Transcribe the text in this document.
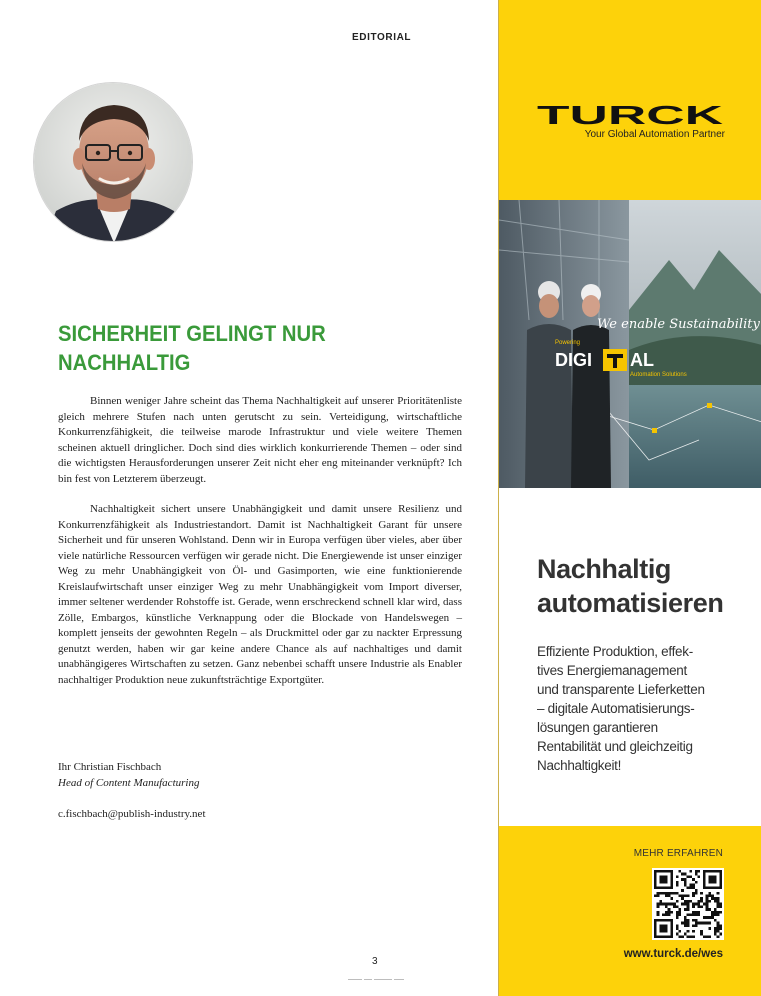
EDITORIAL
SICHERHEIT GELINGT NUR
NACHHALTIG

Binnen weniger Jahre scheint das Thema Nachhaltigkeit auf unserer Prioritätenliste gleich mehrere Stufen nach unten gerutscht zu sein. Verteidigung, wirtschaftliche Konkurrenzfähigkeit, die teilweise marode Infrastruktur und viele weitere Themen scheinen aktuell dringlicher. Doch sind dies wirklich konkurrierende Themen – oder sind die wichtigsten Herausforderungen unserer Zeit nicht eher eng miteinander verknüpft? Ich bin fest von Letzterem überzeugt.

Nachhaltigkeit sichert unsere Unabhängigkeit und damit unsere Resilienz und Konkurrenzfähigkeit als Industriestandort. Damit ist Nachhaltigkeit Garant für unsere Sicherheit und für unseren Wohlstand. Denn wir in Europa verfügen über vieles, aber über viele natürliche Ressourcen verfügen wir gerade nicht. Die Energiewende ist unser einziger Weg zu mehr Unabhängigkeit von Öl- und Gasimporten, wie eine funktionierende Kreislaufwirtschaft unser einziger Weg zu mehr Unabhängigkeit vom Import diverser, immer seltener werdender Rohstoffe ist. Gerade, wenn erschreckend schnell klar wird, dass Zölle, Embargos, künstliche Verknappung oder die Blockade von Handelswegen – komplett jenseits der gewohnten Regeln – als Druckmittel oder gar zu nackter Erpressung genutzt werden, haben wir gar keine andere Chance als auf nachhaltiges und damit unabhängigeres Wirtschaften zu setzen. Ganz nebenbei schafft unsere Industrie als Enabler nachhaltiger Produktion neue zukunftsträchtige Exportgüter.

Ihr Christian Fischbach
Head of Content Manufacturing
c.fischbach@publish-industry.net
3
TURCK
Your Global Automation Partner
We enable Sustainability
Powering
DIGI AL
Automation Solutions
Nachhaltig
automatisieren
Effiziente Produktion, effek-
tives Energiemanagement
und transparente Lieferketten
– digitale Automatisierungs-
lösungen garantieren
Rentabilität und gleichzeitig
Nachhaltigkeit!
MEHR ERFAHREN
www.turck.de/wes
